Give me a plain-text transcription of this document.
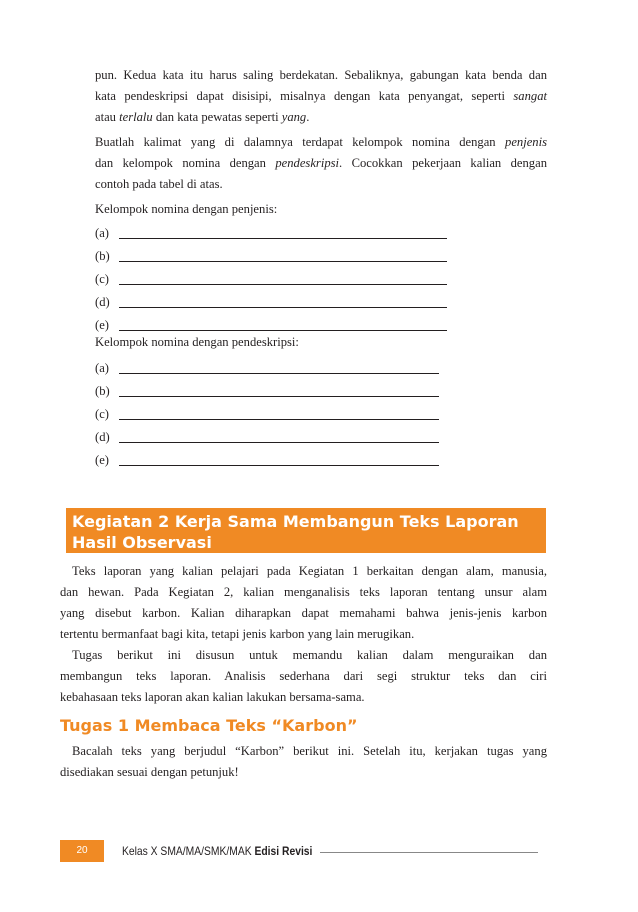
pun. Kedua kata itu harus saling berdekatan. Sebaliknya, gabungan kata benda dan

kata pendeskripsi dapat disisipi, misalnya dengan kata penyangat, seperti sangat

atau terlalu dan kata pewatas seperti yang.

Buatlah kalimat yang di dalamnya terdapat kelompok nomina dengan penjenis

dan kelompok nomina dengan pendeskripsi. Cocokkan pekerjaan kalian dengan

contoh pada tabel di atas.

Kelompok nomina dengan penjenis:

(a)
(b)
(c)
(d)
(e)

Kelompok nomina dengan pendeskripsi:

(a)
(b)
(c)
(d)
(e)
Kegiatan 2 Kerja Sama Membangun Teks Laporan
Hasil Observasi

Teks laporan yang kalian pelajari pada Kegiatan 1 berkaitan dengan alam, manusia,

dan hewan. Pada Kegiatan 2, kalian menganalisis teks laporan tentang unsur alam

yang disebut karbon. Kalian diharapkan dapat memahami bahwa jenis-jenis karbon

tertentu bermanfaat bagi kita, tetapi jenis karbon yang lain merugikan.

Tugas berikut ini disusun untuk memandu kalian dalam menguraikan dan

membangun teks laporan. Analisis sederhana dari segi struktur teks dan ciri

kebahasaan teks laporan akan kalian lakukan bersama-sama.

Tugas 1 Membaca Teks “Karbon”

Bacalah teks yang berjudul “Karbon” berikut ini. Setelah itu, kerjakan tugas yang

disediakan sesuai dengan petunjuk!

20	Kelas X SMA/MA/SMK/MAK Edisi Revisi
